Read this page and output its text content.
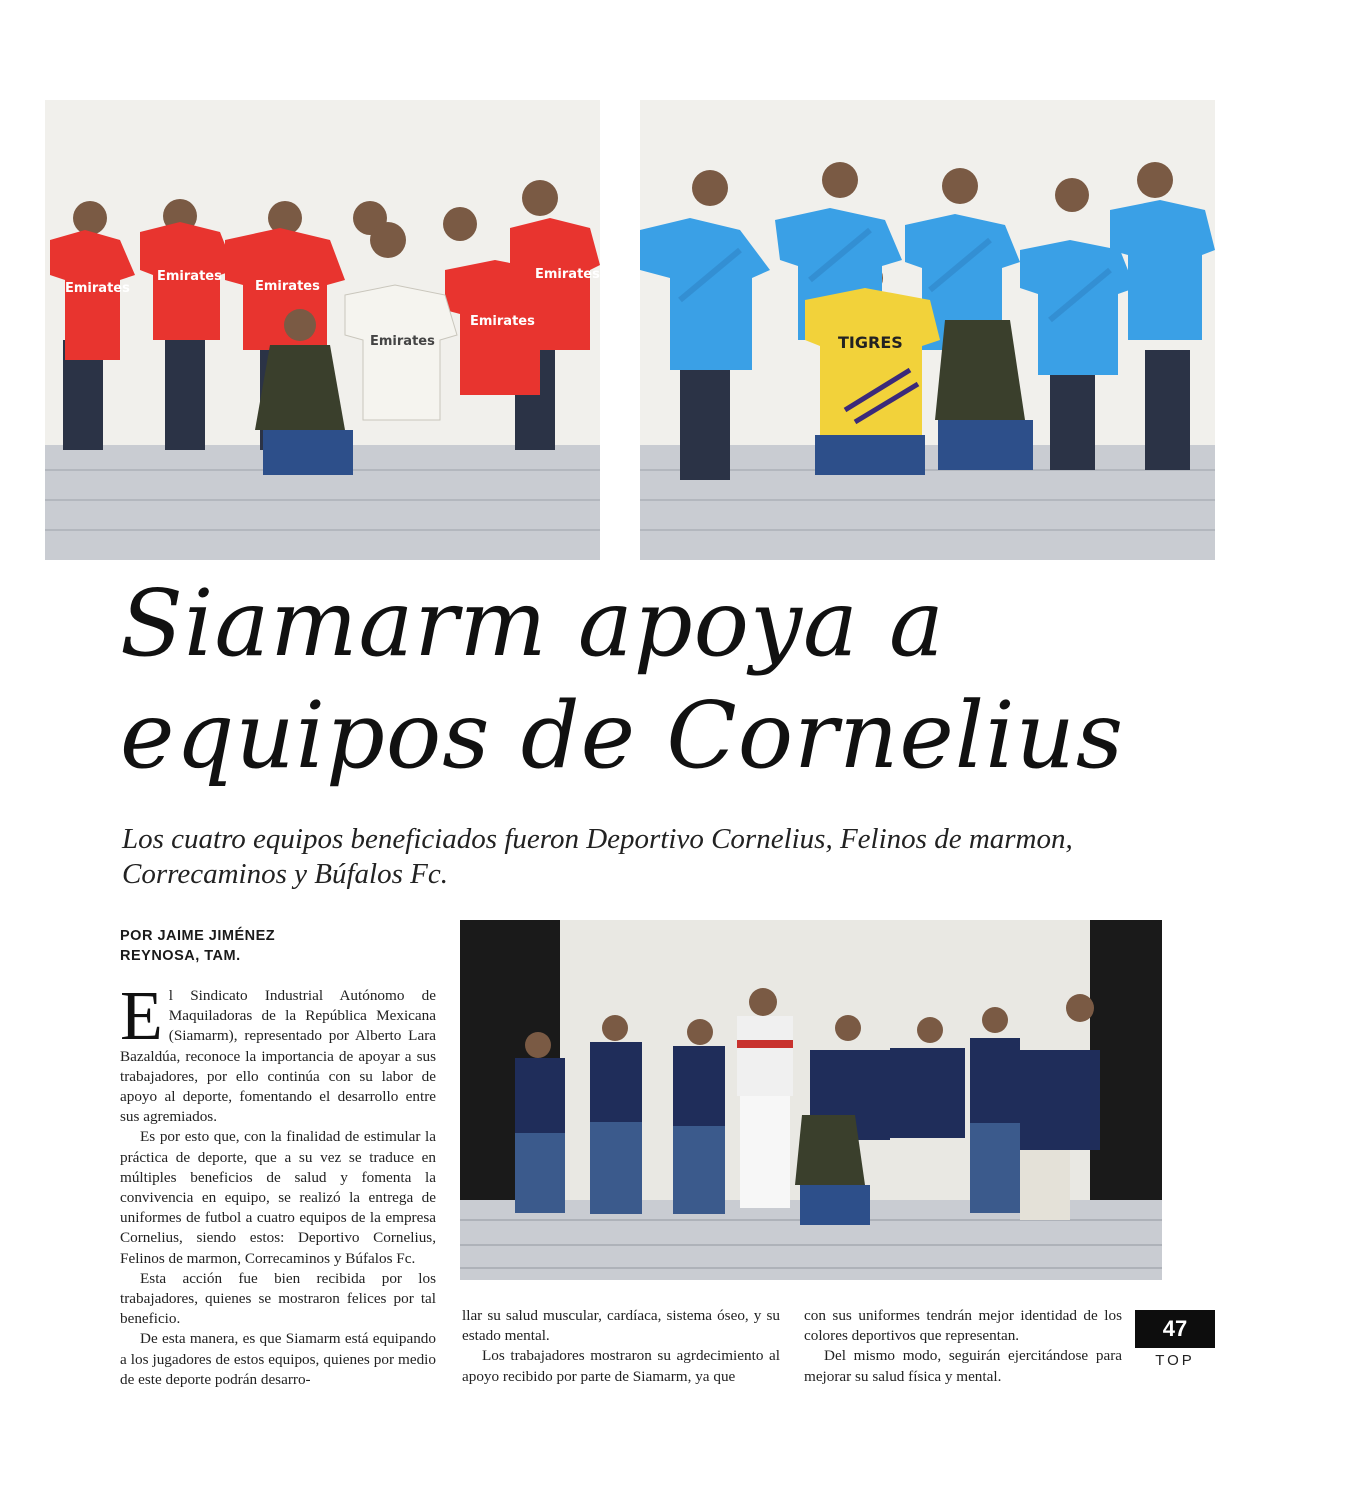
Emirates
Emirates
Emirates
Emirates
Emirates
Emirates	TIGRES
Siamarm apoya a
equipos de Cornelius
Los cuatro equipos beneficiados fueron Deportivo Cornelius, Felinos de marmon,
Correcaminos y Búfalos Fc.
POR JAIME JIMÉNEZ
REYNOSA, TAM.

El Sindicato Industrial Autónomo de Maquiladoras de la República Mexicana (Siamarm), representado por Alberto Lara Bazaldúa, reconoce la importancia de apoyar a sus trabajadores, por ello continúa con su labor de apoyo al deporte, fomentando el desarrollo entre sus agremiados.

Es por esto que, con la finalidad de estimular la práctica de deporte, que a su vez se traduce en múltiples beneficios de salud y fomenta la convivencia en equipo, se realizó la entrega de uniformes de futbol a cuatro equipos de la empresa Cornelius, siendo estos: Deportivo Cornelius, Felinos de marmon, Correcaminos y Búfalos Fc.

Esta acción fue bien recibida por los trabajadores, quienes se mostraron felices por tal beneficio.

De esta manera, es que Siamarm está equipando a los jugadores de estos equipos, quienes por medio de este deporte podrán desarro-

llar su salud muscular, cardíaca, sistema óseo, y su estado mental.

Los trabajadores mostraron su agrdecimiento al apoyo recibido por parte de Siamarm, ya que

con sus uniformes tendrán mejor identidad de los colores deportivos que representan.

Del mismo modo, seguirán ejercitándose para mejorar su salud física y mental.

47
TOP
